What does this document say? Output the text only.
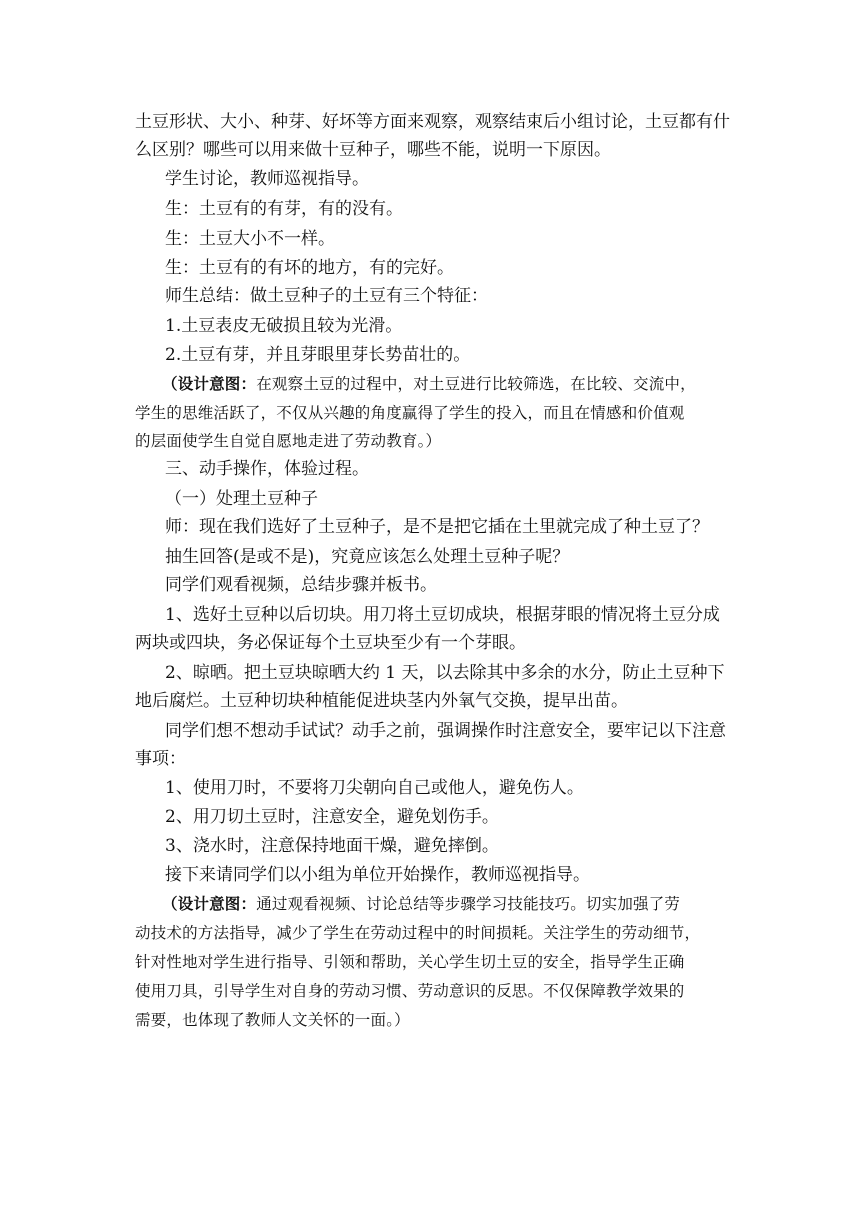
土豆形状、大小、种芽、好坏等方面来观察，观察结束后小组讨论，土豆都有什
么区别？哪些可以用来做十豆种子，哪些不能，说明一下原因。
学生讨论，教师巡视指导。
生：土豆有的有芽，有的没有。
生：土豆大小不一样。
生：土豆有的有坏的地方，有的完好。
师生总结：做土豆种子的土豆有三个特征：
1.土豆表皮无破损且较为光滑。
2.土豆有芽，并且芽眼里芽长势苗壮的。
（设计意图：在观察土豆的过程中，对土豆进行比较筛选，在比较、交流中，
学生的思维活跃了，不仅从兴趣的角度赢得了学生的投入，而且在情感和价值观
的层面使学生自觉自愿地走进了劳动教育。）
三、动手操作，体验过程。
（一）处理土豆种子
师：现在我们选好了土豆种子，是不是把它插在土里就完成了种土豆了？
抽生回答(是或不是)，究竟应该怎么处理土豆种子呢？
同学们观看视频，总结步骤并板书。
1、选好土豆种以后切块。用刀将土豆切成块，根据芽眼的情况将土豆分成
两块或四块，务必保证每个土豆块至少有一个芽眼。
2、晾晒。把土豆块晾晒大约 1 天，以去除其中多余的水分，防止土豆种下
地后腐烂。土豆种切块种植能促进块茎内外氧气交换，提早出苗。
同学们想不想动手试试？动手之前，强调操作时注意安全，要牢记以下注意
事项：
1、使用刀时，不要将刀尖朝向自己或他人，避免伤人。
2、用刀切土豆时，注意安全，避免划伤手。
3、浇水时，注意保持地面干燥，避免摔倒。
接下来请同学们以小组为单位开始操作，教师巡视指导。
（设计意图：通过观看视频、讨论总结等步骤学习技能技巧。切实加强了劳
动技术的方法指导，减少了学生在劳动过程中的时间损耗。关注学生的劳动细节，
针对性地对学生进行指导、引领和帮助，关心学生切土豆的安全，指导学生正确
使用刀具，引导学生对自身的劳动习惯、劳动意识的反思。不仅保障教学效果的
需要，也体现了教师人文关怀的一面。）
